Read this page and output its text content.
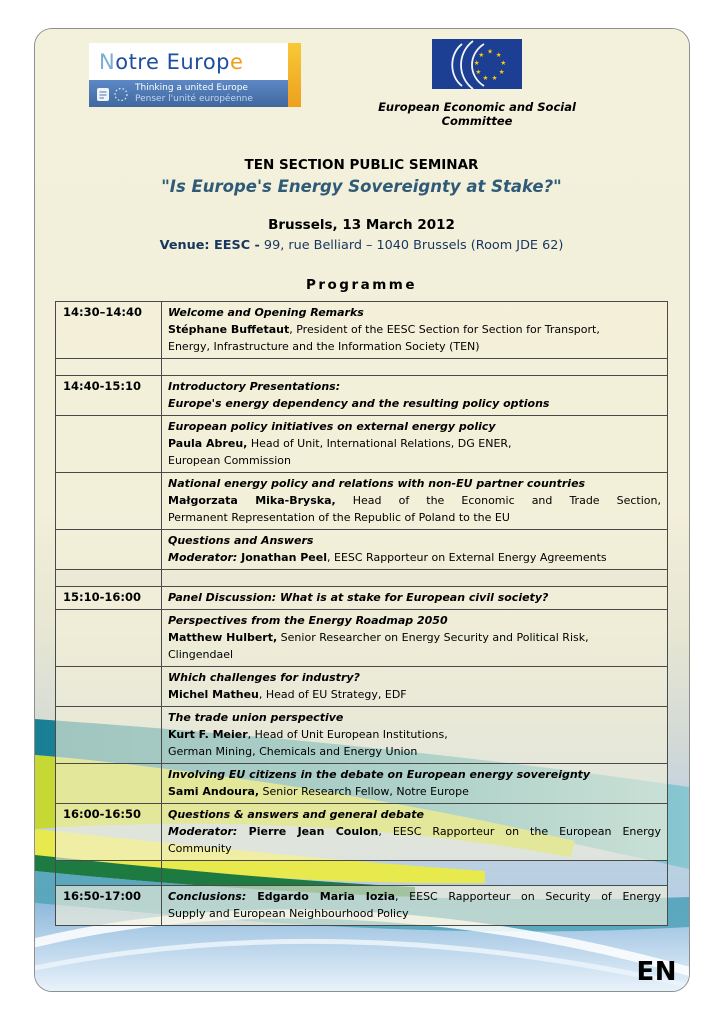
N otre Europ e
Thinking a united Europe
Penser l'unité européenne
★ ★
★
★
★
★
★
★
★
European Economic and Social Committee
TEN SECTION PUBLIC SEMINAR
"Is Europe's Energy Sovereignty at Stake?"
Brussels, 13 March 2012
Venue: EESC - 99, rue Belliard – 1040 Brussels (Room JDE 62)
Programme
14:30–14:40	Welcome and Opening Remarks
Stéphane Buffetaut, President of the EESC Section for Section for Transport,
Energy, Infrastructure and the Information Society (TEN)

14:40-15:10	Introductory Presentations:
Europe's energy dependency and the resulting policy options

	European policy initiatives on external energy policy
Paula Abreu, Head of Unit, International Relations, DG ENER,
European Commission

	National energy policy and relations with non-EU partner countries
Małgorzata Mika-Bryska, Head of the Economic and Trade Section,
Permanent Representation of the Republic of Poland to the EU

	Questions and Answers
Moderator: Jonathan Peel, EESC Rapporteur on External Energy Agreements

15:10-16:00	Panel Discussion: What is at stake for European civil society?

	Perspectives from the Energy Roadmap 2050
Matthew Hulbert, Senior Researcher on Energy Security and Political Risk,
Clingendael

	Which challenges for industry?
Michel Matheu, Head of EU Strategy, EDF

	The trade union perspective
Kurt F. Meier, Head of Unit European Institutions,
German Mining, Chemicals and Energy Union

	Involving EU citizens in the debate on European energy sovereignty
Sami Andoura, Senior Research Fellow, Notre Europe

16:00-16:50	Questions & answers and general debate
Moderator: Pierre Jean Coulon, EESC Rapporteur on the European Energy
Community

16:50-17:00	Conclusions: Edgardo Maria Iozia, EESC Rapporteur on Security of Energy
Supply and European Neighbourhood Policy
EN
